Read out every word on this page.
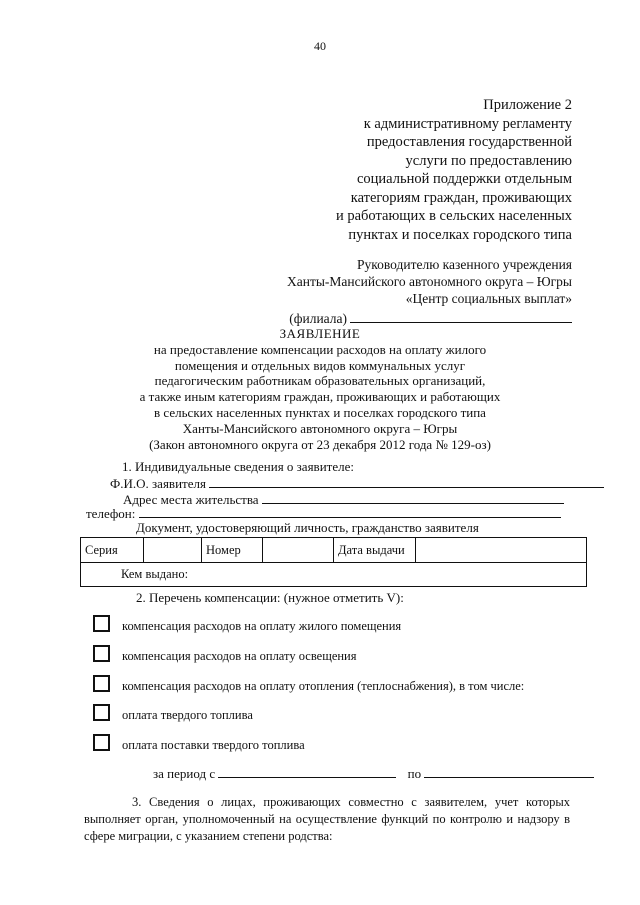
40
Приложение 2
к административному регламенту
предоставления государственной
услуги по предоставлению
социальной поддержки отдельным
категориям граждан, проживающих
и работающих в сельских населенных
пунктах и поселках городского типа
Руководителю казенного учреждения
Ханты-Мансийского автономного округа – Югры
«Центр социальных выплат»
(филиала)
ЗАЯВЛЕНИЕ
на предоставление компенсации расходов на оплату жилого
помещения и отдельных видов коммунальных услуг
педагогическим работникам образовательных организаций,
а также иным категориям граждан, проживающих и работающих
в сельских населенных пунктах и поселках городского типа
Ханты-Мансийского автономного округа – Югры
(Закон автономного округа от 23 декабря 2012 года № 129-оз)
1. Индивидуальные сведения о заявителе:
Ф.И.О. заявителя
Адрес места жительства
телефон:
Документ, удостоверяющий личность, гражданство заявителя
Серия	Номер	Дата выдачи
Кем выдано:
2. Перечень компенсации: (нужное отметить V):
компенсация расходов на оплату жилого помещения
компенсация расходов на оплату освещения
компенсация расходов на оплату отопления (теплоснабжения), в том числе:
оплата твердого топлива
оплата поставки твердого топлива
за период с	по
3. Сведения о лицах, проживающих совместно с заявителем, учет которых выполняет орган, уполномоченный на осуществление функций по контролю и надзору в сфере миграции, с указанием степени родства:
